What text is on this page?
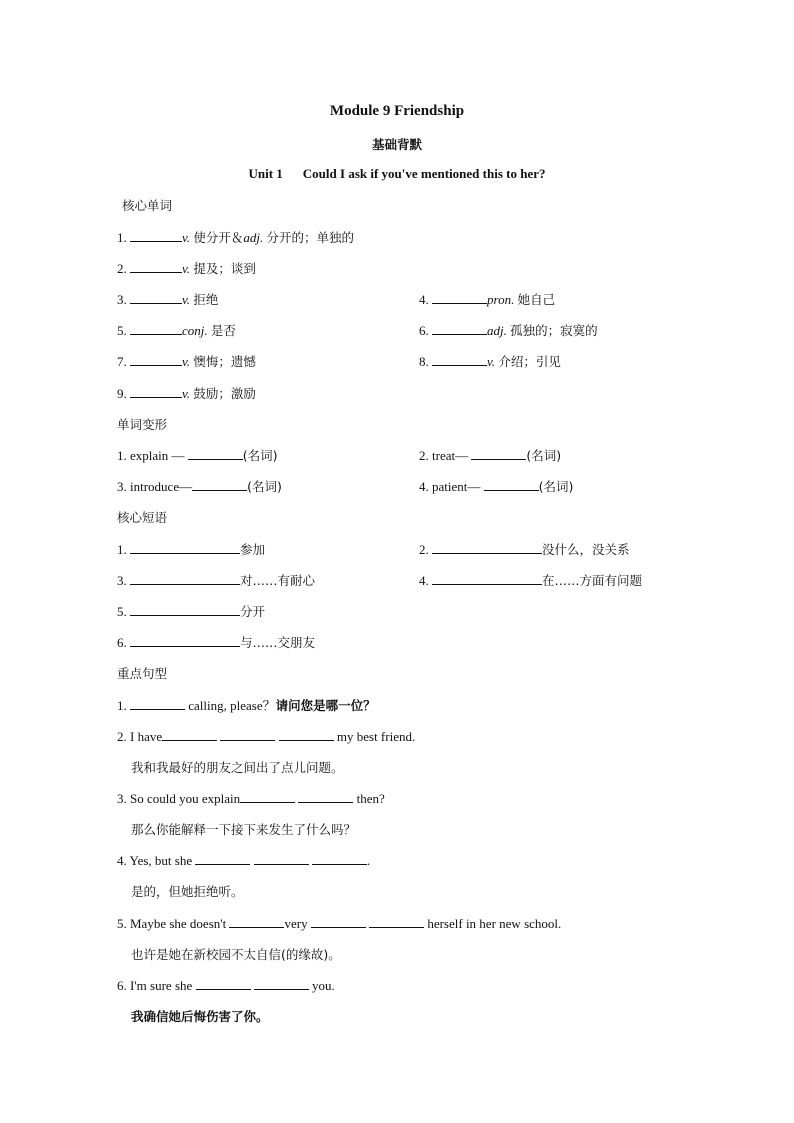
Module 9 Friendship
基础背默
Unit 1 Could I ask if you've mentioned this to her?
核心单词
1.	v. 使分开＆adj. 分开的；单独的
2.	v. 提及；谈到
3.	v. 拒绝	4.	pron. 她自己
5.	conj. 是否	6.	adj. 孤独的；寂寞的
7.	v. 懊悔；遗憾	8.	v. 介绍；引见
9.	v. 鼓励；激励
单词变形
1. explain —	(名词)	2. treat—	(名词)
3. introduce—	(名词)	4. patient—	(名词)
核心短语
1.	参加	2.	没什么，没关系
3.	对……有耐心	4.	在……方面有问题
5.	分开
6.	与……交朋友
重点句型
1.	calling, please？请问您是哪一位？
2. I have	my best friend.
我和我最好的朋友之间出了点儿问题。
3. So could you explain	then?
那么你能解释一下接下来发生了什么吗？
4. Yes, but she	.
是的，但她拒绝听。
5. Maybe she doesn't	very	herself in her new school.
也许是她在新校园不太自信(的缘故)。
6. I'm sure she	you.
我确信她后悔伤害了你。
